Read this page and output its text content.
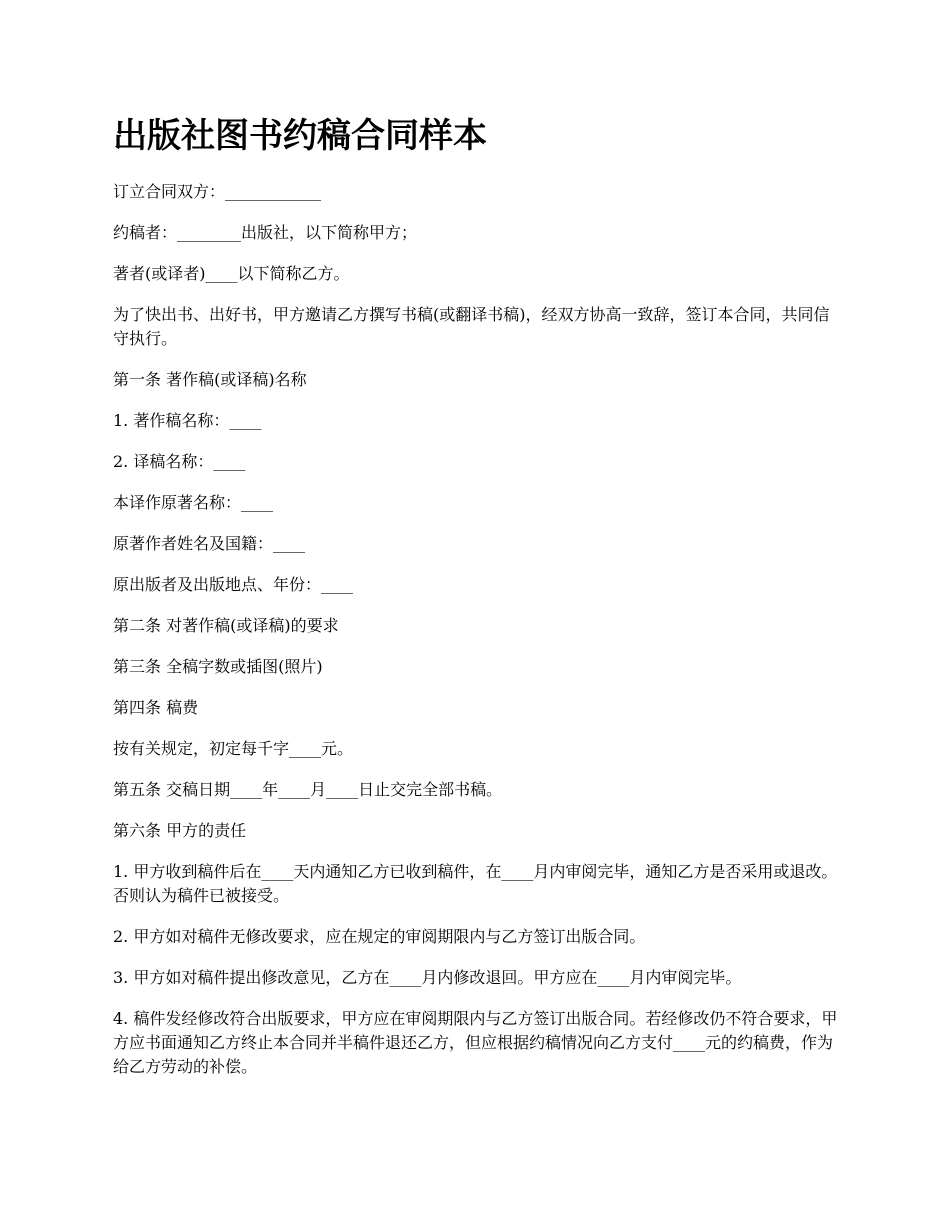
出版社图书约稿合同样本

订立合同双方：____________

约稿者：________出版社，以下简称甲方；

著者(或译者)____以下简称乙方。

为了快出书、出好书，甲方邀请乙方撰写书稿(或翻译书稿)，经双方协高一致辞，签订本合同，共同信守执行。

第一条 著作稿(或译稿)名称

1. 著作稿名称：____

2. 译稿名称：____

本译作原著名称：____

原著作者姓名及国籍：____

原出版者及出版地点、年份：____

第二条 对著作稿(或译稿)的要求

第三条 全稿字数或插图(照片)

第四条 稿费

按有关规定，初定每千字____元。

第五条 交稿日期____年____月____日止交完全部书稿。

第六条 甲方的责任

1. 甲方收到稿件后在____天内通知乙方已收到稿件，在____月内审阅完毕，通知乙方是否采用或退改。否则认为稿件已被接受。

2. 甲方如对稿件无修改要求，应在规定的审阅期限内与乙方签订出版合同。

3. 甲方如对稿件提出修改意见，乙方在____月内修改退回。甲方应在____月内审阅完毕。

4. 稿件发经修改符合出版要求，甲方应在审阅期限内与乙方签订出版合同。若经修改仍不符合要求，甲方应书面通知乙方终止本合同并半稿件退还乙方，但应根据约稿情况向乙方支付____元的约稿费，作为给乙方劳动的补偿。
